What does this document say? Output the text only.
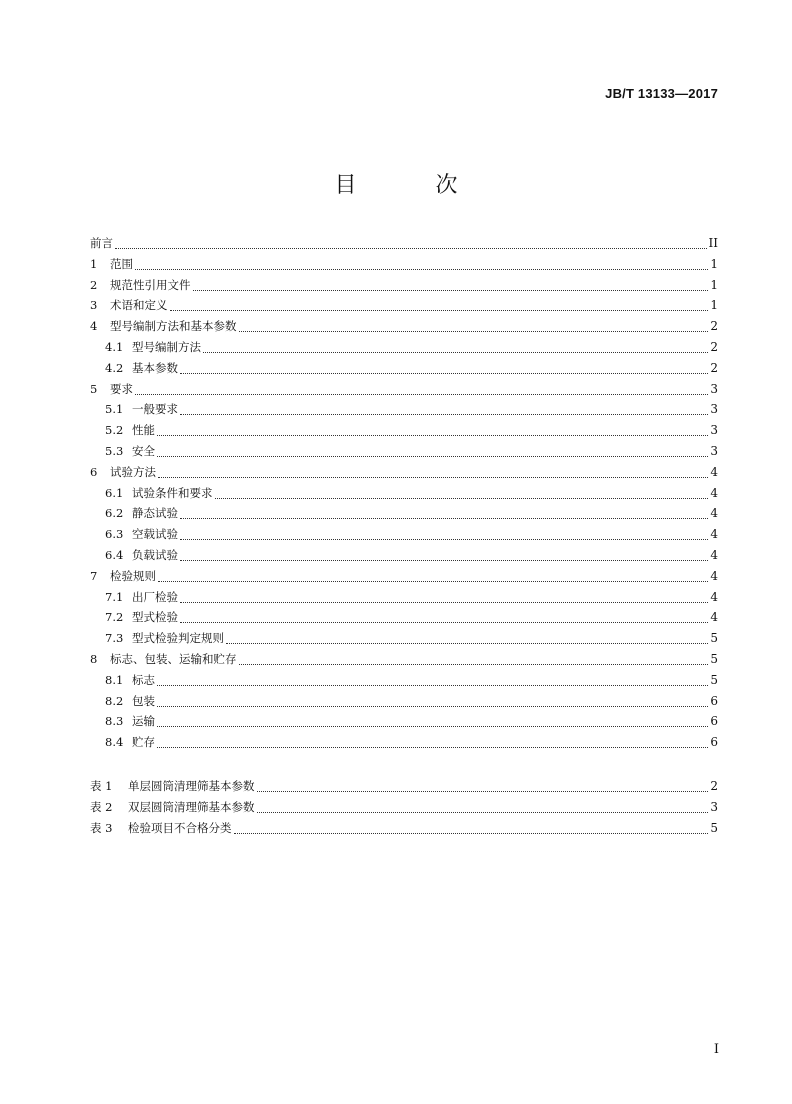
JB/T 13133—2017
目 次
前言	II
1	范围	1
2	规范性引用文件	1
3	术语和定义	1
4	型号编制方法和基本参数	2
4.1 型号编制方法	2
4.2 基本参数	2
5	要求	3
5.1 一般要求	3
5.2 性能	3
5.3 安全	3
6	试验方法	4
6.1 试验条件和要求	4
6.2 静态试验	4
6.3 空载试验	4
6.4 负载试验	4
7	检验规则	4
7.1 出厂检验	4
7.2 型式检验	4
7.3 型式检验判定规则	5
8	标志、包装、运输和贮存	5
8.1 标志	5
8.2 包装	6
8.3 运输	6
8.4 贮存	6
表 1	单层圆筒清理筛基本参数	2
表 2	双层圆筒清理筛基本参数	3
表 3	检验项目不合格分类	5
I
